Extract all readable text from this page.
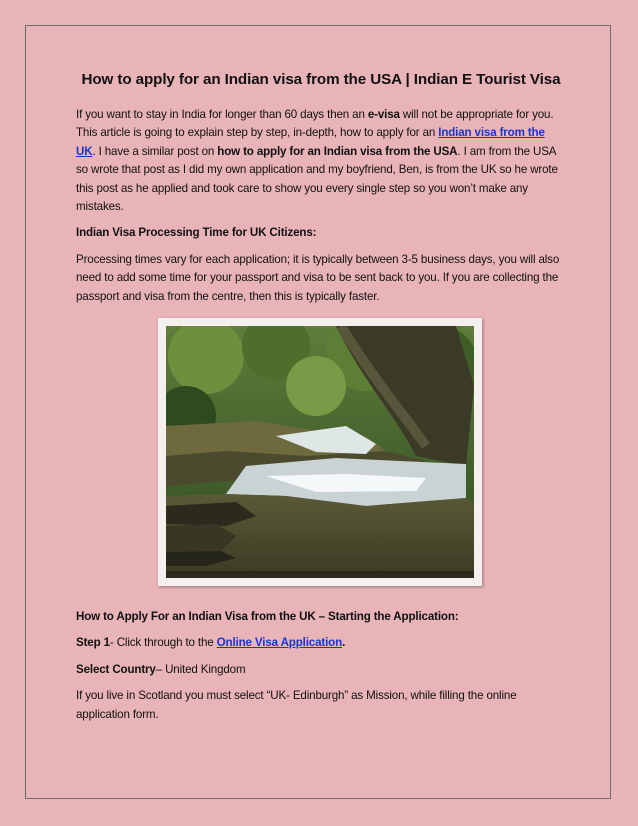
How to apply for an Indian visa from the USA | Indian E Tourist Visa

If you want to stay in India for longer than 60 days then an e-visa will not be appropriate for you. This article is going to explain step by step, in-depth, how to apply for an Indian visa from the UK. I have a similar post on how to apply for an Indian visa from the USA. I am from the USA so wrote that post as I did my own application and my boyfriend, Ben, is from the UK so he wrote this post as he applied and took care to show you every single step so you won’t make any mistakes.

Indian Visa Processing Time for UK Citizens:

Processing times vary for each application; it is typically between 3-5 business days, you will also need to add some time for your passport and visa to be sent back to you. If you are collecting the passport and visa from the centre, then this is typically faster.

How to Apply For an Indian Visa from the UK – Starting the Application:

Step 1- Click through to the Online Visa Application.

Select Country– United Kingdom

If you live in Scotland you must select “UK- Edinburgh” as Mission, while filling the online application form.
